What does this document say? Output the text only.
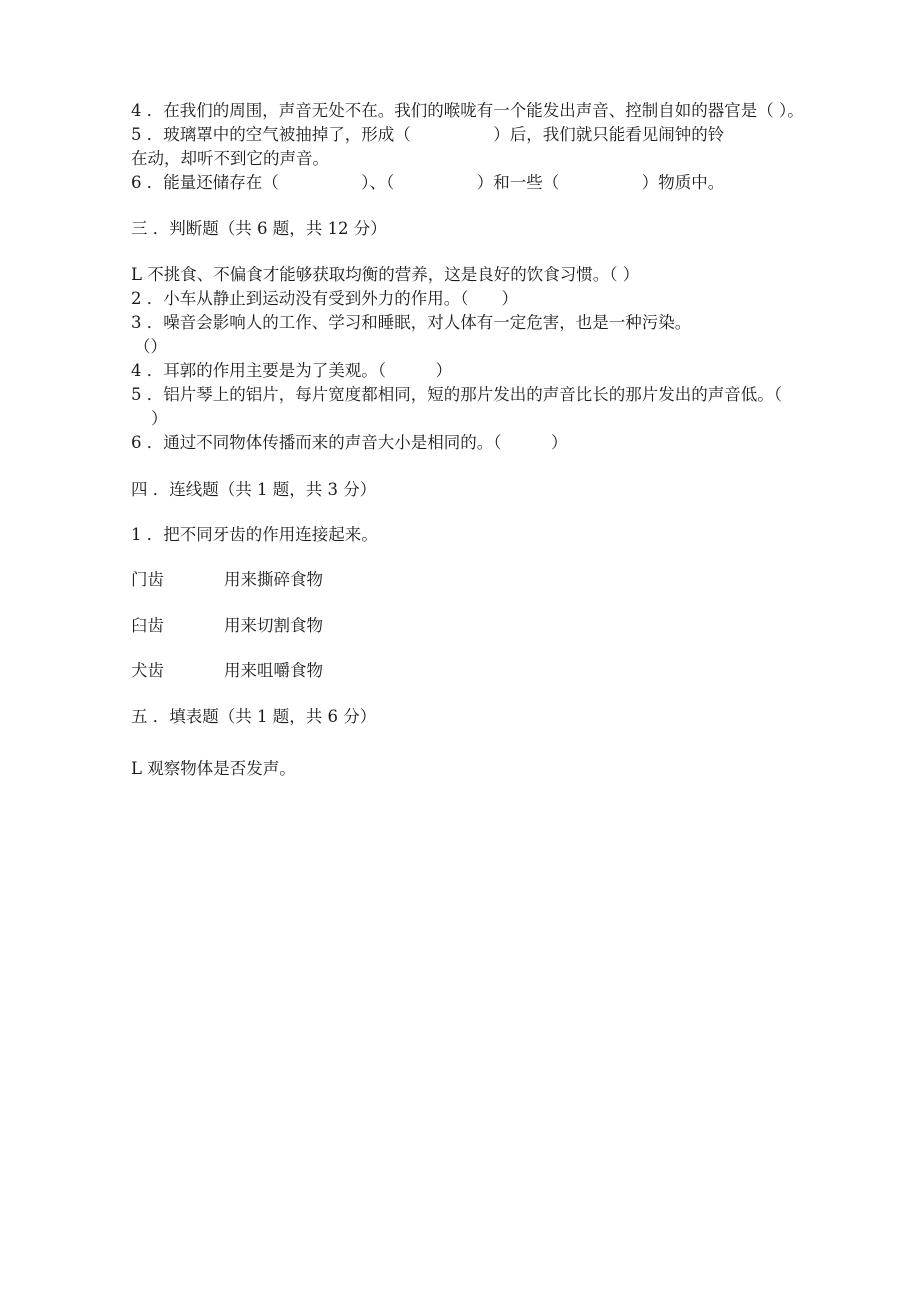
4 ．在我们的周围，声音无处不在。我们的喉咙有一个能发出声音、控制自如的器官是（ ）。
5 ．玻璃罩中的空气被抽掉了，形成（　　　　　）后，我们就只能看见闹钟的铃
在动，却听不到它的声音。
6 ．能量还储存在（　　　　　）、（　　　　　）和一些（　　　　　）物质中。
三 ．判断题（共 6 题，共 12 分）
L 不挑食、不偏食才能够获取均衡的营养，这是良好的饮食习惯。（ ）
2 ．小车从静止到运动没有受到外力的作用。（　　）
3 ．噪音会影响人的工作、学习和睡眠，对人体有一定危害，也是一种污染。
（）
4 ．耳郭的作用主要是为了美观。（　　　）
5 ．铝片琴上的铝片，每片宽度都相同，短的那片发出的声音比长的那片发出的声音低。（
）
6 ．通过不同物体传播而来的声音大小是相同的。（　　　）
四 ．连线题（共 1 题，共 3 分）
1 ．把不同牙齿的作用连接起来。
门齿	用来撕碎食物
臼齿	用来切割食物
犬齿	用来咀嚼食物
五 ．填表题（共 1 题，共 6 分）
L 观察物体是否发声。
